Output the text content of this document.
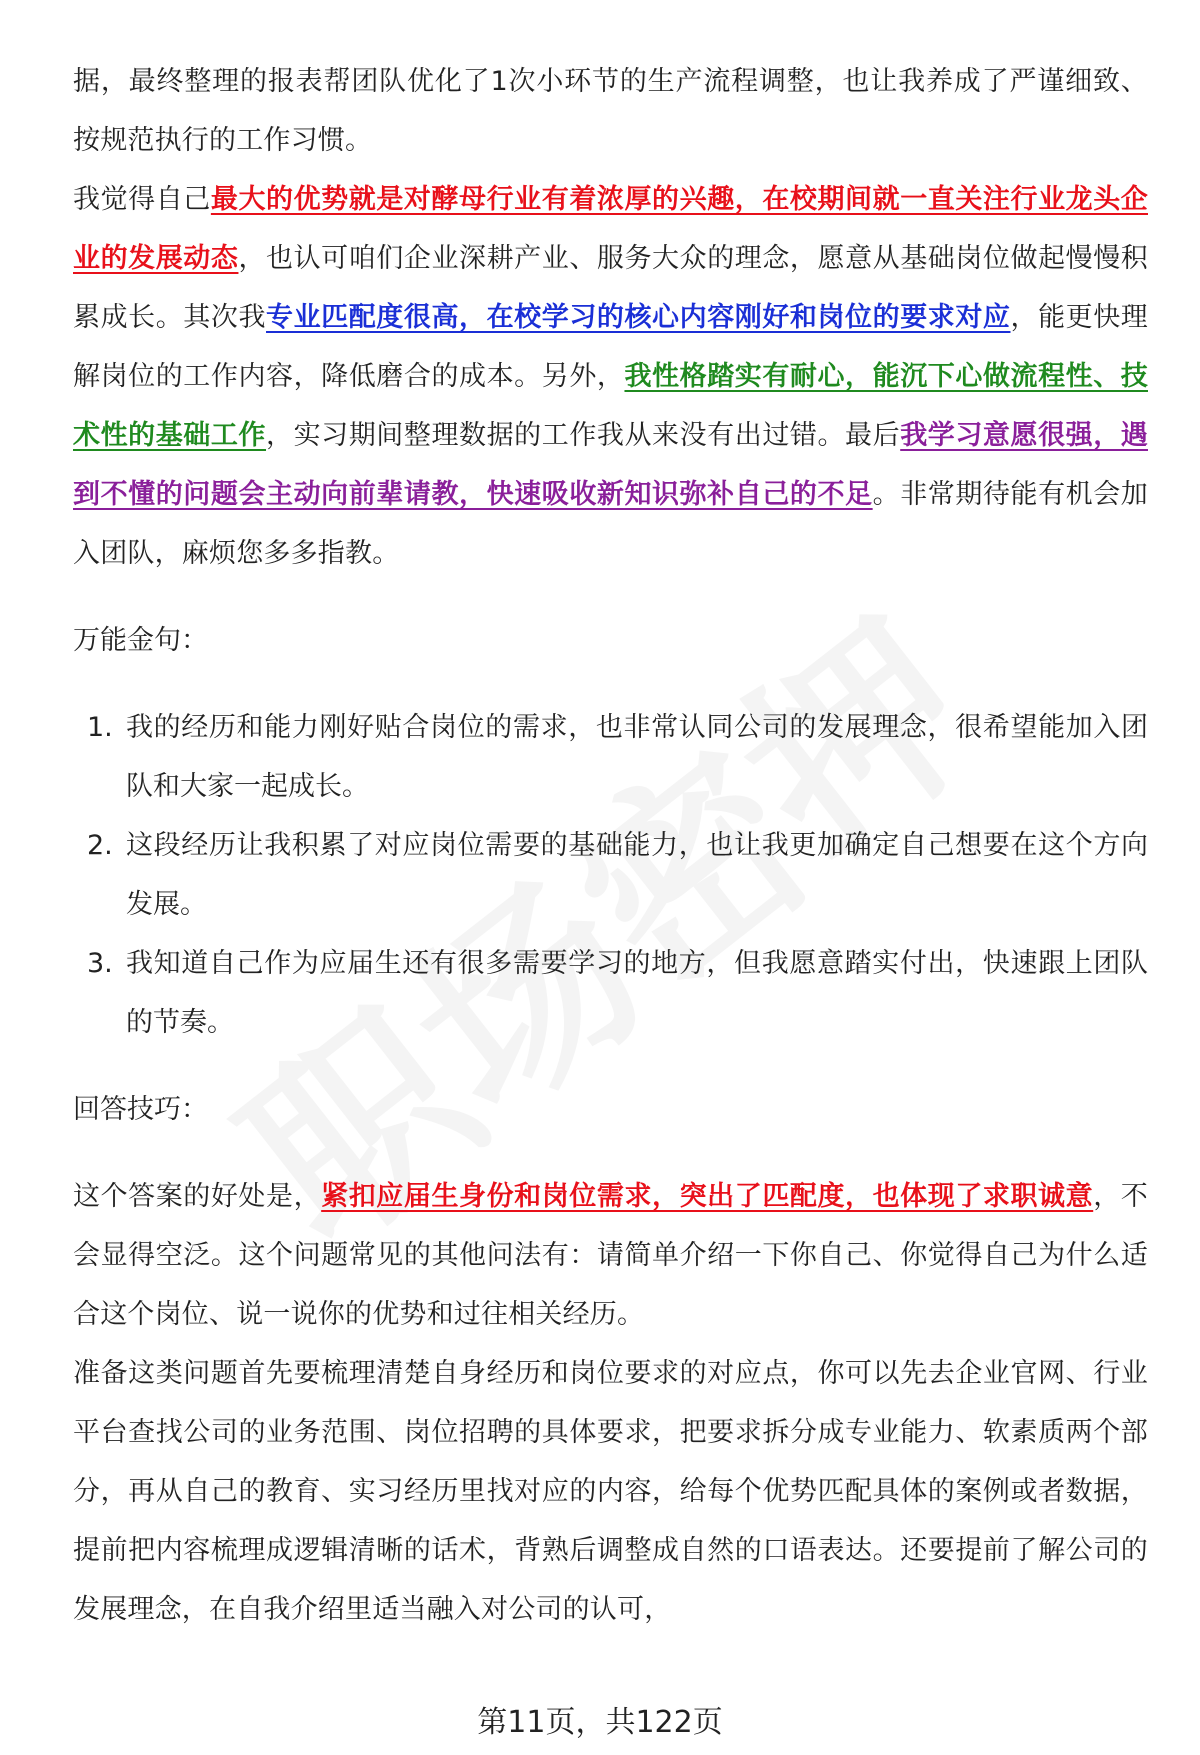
据，最终整理的报表帮团队优化了1次小环节的生产流程调整，也让我养成了严谨细致、按规范执行的工作习惯。

我觉得自己最大的优势就是对酵母行业有着浓厚的兴趣，在校期间就一直关注行业龙头企业的发展动态，也认可咱们企业深耕产业、服务大众的理念，愿意从基础岗位做起慢慢积累成长。其次我专业匹配度很高，在校学习的核心内容刚好和岗位的要求对应，能更快理解岗位的工作内容，降低磨合的成本。另外，我性格踏实有耐心，能沉下心做流程性、技术性的基础工作，实习期间整理数据的工作我从来没有出过错。最后我学习意愿很强，遇到不懂的问题会主动向前辈请教，快速吸收新知识弥补自己的不足。非常期待能有机会加入团队，麻烦您多多指教。

万能金句：

1. 我的经历和能力刚好贴合岗位的需求，也非常认同公司的发展理念，很希望能加入团队和大家一起成长。
2. 这段经历让我积累了对应岗位需要的基础能力，也让我更加确定自己想要在这个方向发展。
3. 我知道自己作为应届生还有很多需要学习的地方，但我愿意踏实付出，快速跟上团队的节奏。

回答技巧：

这个答案的好处是，紧扣应届生身份和岗位需求，突出了匹配度，也体现了求职诚意，不会显得空泛。这个问题常见的其他问法有：请简单介绍一下你自己、你觉得自己为什么适合这个岗位、说一说你的优势和过往相关经历。

准备这类问题首先要梳理清楚自身经历和岗位要求的对应点，你可以先去企业官网、行业平台查找公司的业务范围、岗位招聘的具体要求，把要求拆分成专业能力、软素质两个部分，再从自己的教育、实习经历里找对应的内容，给每个优势匹配具体的案例或者数据，提前把内容梳理成逻辑清晰的话术，背熟后调整成自然的口语表达。还要提前了解公司的发展理念，在自我介绍里适当融入对公司的认可，

第11页，共122页
